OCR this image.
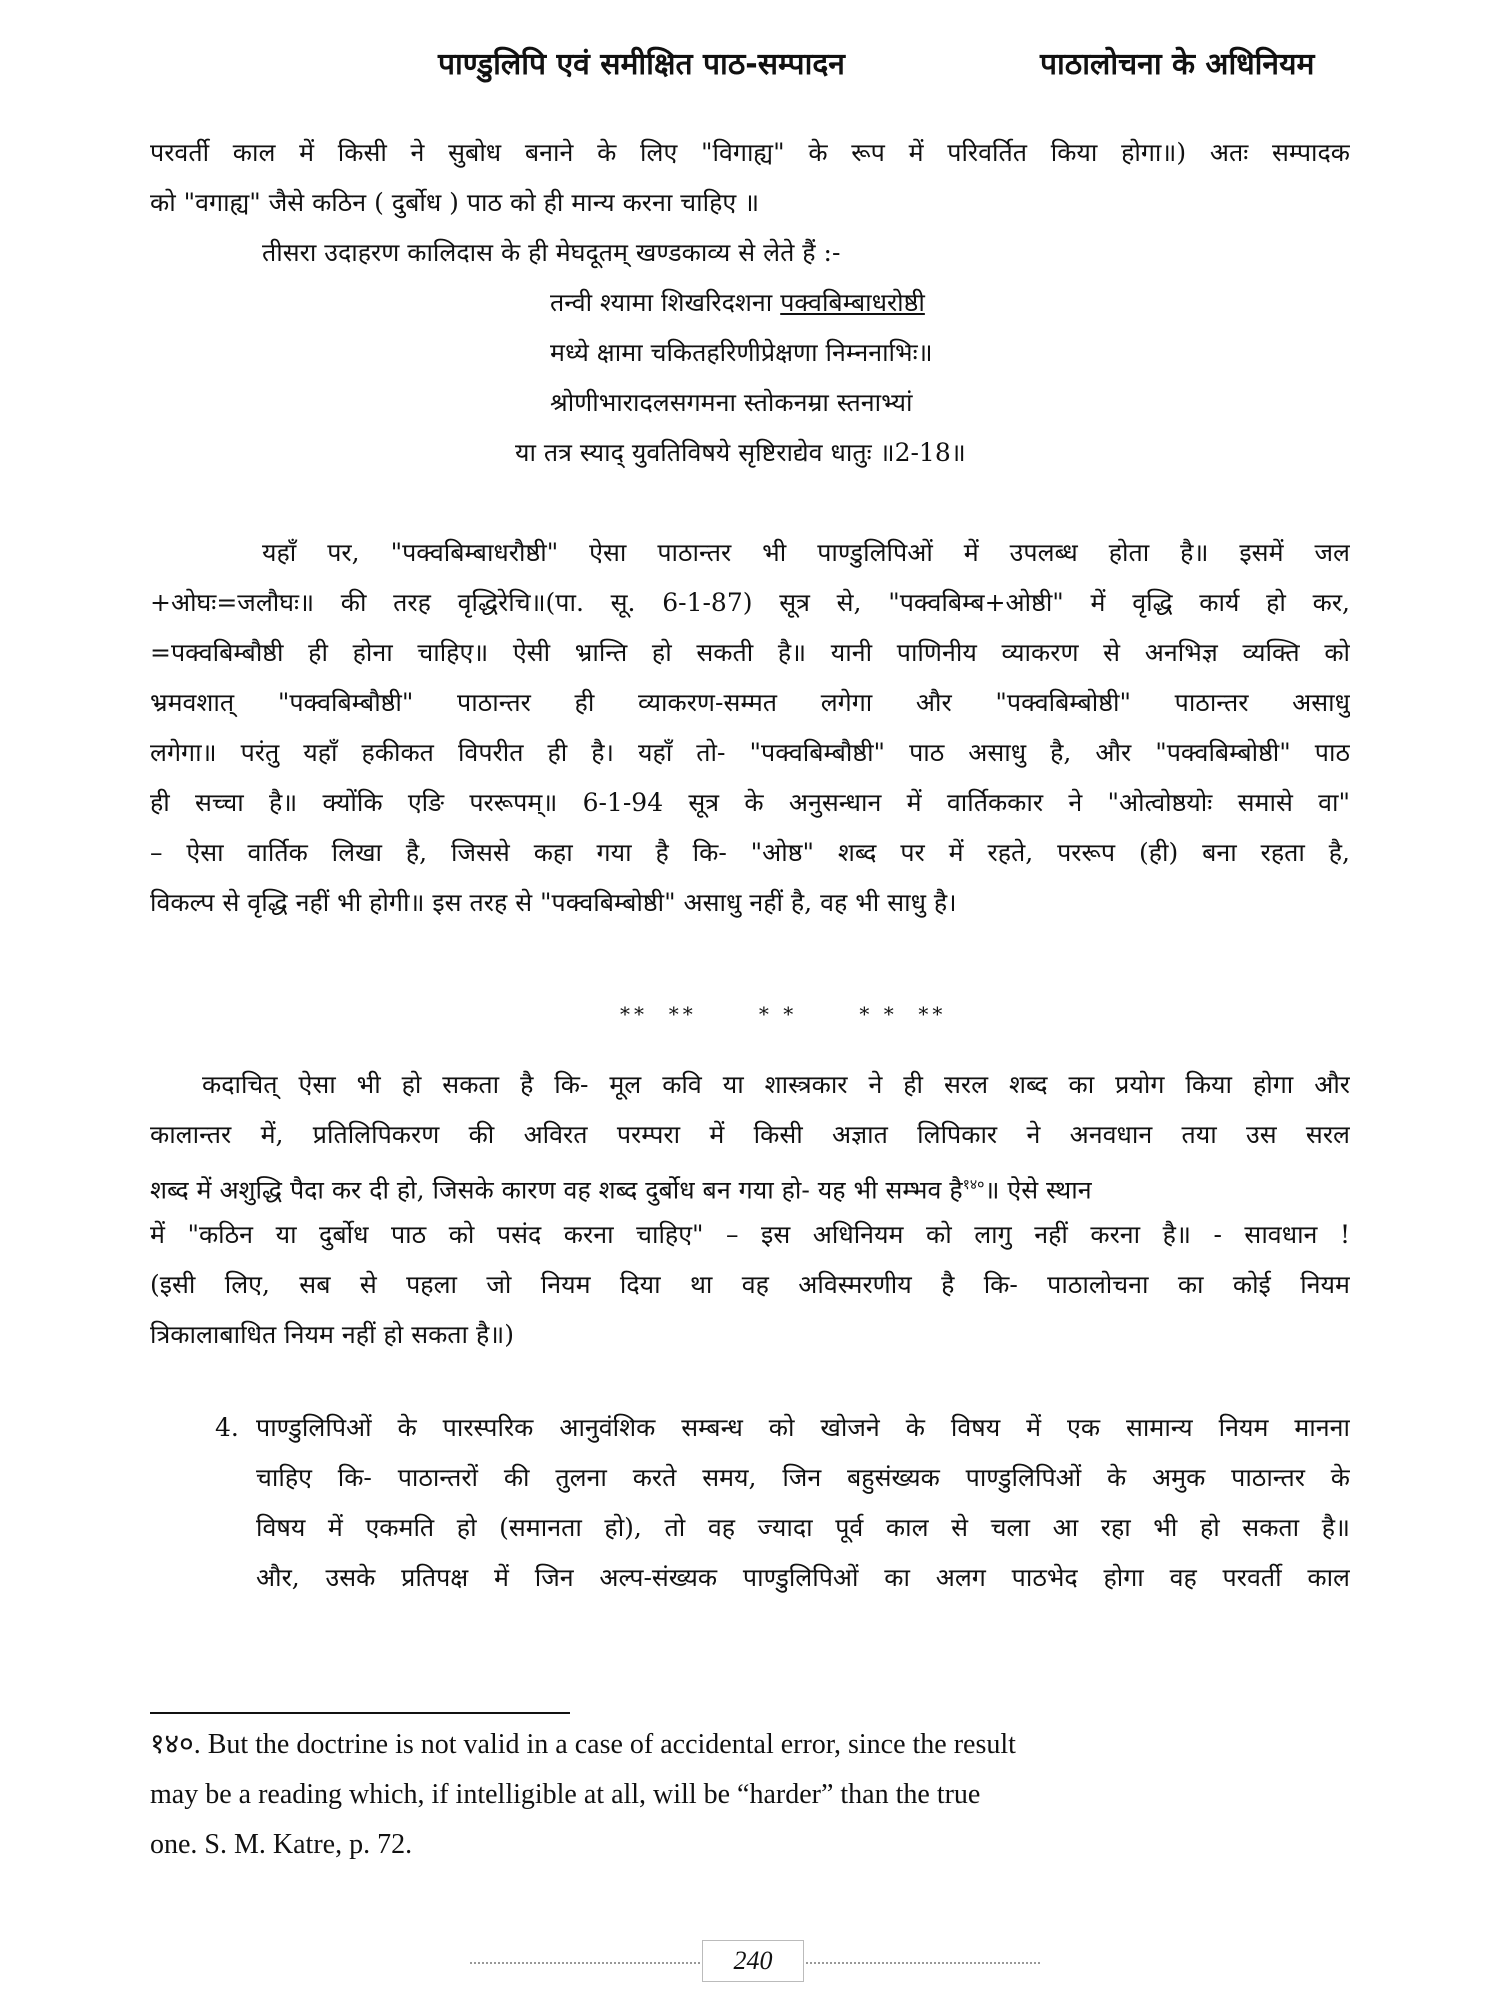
पाण्डुलिपि एवं समीक्षित पाठ-सम्पादन	पाठालोचना के अधिनियम
परवर्ती काल में किसी ने सुबोध बनाने के लिए "विगाह्य" के रूप में परिवर्तित किया होगा॥) अतः सम्पादक
को "वगाह्य" जैसे कठिन ( दुर्बोध ) पाठ को ही मान्य करना चाहिए ॥
तीसरा उदाहरण कालिदास के ही मेघदूतम् खण्डकाव्य से लेते हैं :-
तन्वी श्यामा शिखरिदशना पक्वबिम्बाधरोष्ठी
मध्ये क्षामा चकितहरिणीप्रेक्षणा निम्ननाभिः॥
श्रोणीभारादलसगमना स्तोकनम्रा स्तनाभ्यां
या तत्र स्याद् युवतिविषये सृष्टिराद्येव धातुः ॥2-18॥
यहाँ पर, "पक्वबिम्बाधरौष्ठी" ऐसा पाठान्तर भी पाण्डुलिपिओं में उपलब्ध होता है॥ इसमें जल
+ओघः=जलौघः॥ की तरह वृद्धिरेचि॥(पा. सू. 6-1-87) सूत्र से, "पक्वबिम्ब+ओष्ठी" में वृद्धि कार्य हो कर,
=पक्वबिम्बौष्ठी ही होना चाहिए॥ ऐसी भ्रान्ति हो सकती है॥ यानी पाणिनीय व्याकरण से अनभिज्ञ व्यक्ति को
भ्रमवशात् "पक्वबिम्बौष्ठी" पाठान्तर ही व्याकरण-सम्मत लगेगा और "पक्वबिम्बोष्ठी" पाठान्तर असाधु
लगेगा॥ परंतु यहाँ हकीकत विपरीत ही है। यहाँ तो- "पक्वबिम्बौष्ठी" पाठ असाधु है, और "पक्वबिम्बोष्ठी" पाठ
ही सच्चा है॥ क्योंकि एङि पररूपम्॥ 6-1-94 सूत्र के अनुसन्धान में वार्तिककार ने "ओत्वोष्ठयोः समासे वा"
– ऐसा वार्तिक लिखा है, जिससे कहा गया है कि- "ओष्ठ" शब्द पर में रहते, पररूप (ही) बना रहता है,
विकल्प से वृद्धि नहीं भी होगी॥ इस तरह से "पक्वबिम्बोष्ठी" असाधु नहीं है, वह भी साधु है।
**  **      * *      * *  **
कदाचित् ऐसा भी हो सकता है कि- मूल कवि या शास्त्रकार ने ही सरल शब्द का प्रयोग किया होगा और
कालान्तर में, प्रतिलिपिकरण की अविरत परम्परा में किसी अज्ञात लिपिकार ने अनवधान तया उस सरल
शब्द में अशुद्धि पैदा कर दी हो, जिसके कारण वह शब्द दुर्बोध बन गया हो- यह भी सम्भव है$^{१४०}$॥ ऐसे स्थान
में "कठिन या दुर्बोध पाठ को पसंद करना चाहिए" – इस अधिनियम को लागु नहीं करना है॥ - सावधान !
(इसी लिए, सब से पहला जो नियम दिया था वह अविस्मरणीय है कि- पाठालोचना का कोई नियम
त्रिकालाबाधित नियम नहीं हो सकता है॥)
4. पाण्डुलिपिओं के पारस्परिक आनुवंशिक सम्बन्ध को खोजने के विषय में एक सामान्य नियम मानना
चाहिए कि- पाठान्तरों की तुलना करते समय, जिन बहुसंख्यक पाण्डुलिपिओं के अमुक पाठान्तर के
विषय में एकमति हो (समानता हो), तो वह ज्यादा पूर्व काल से चला आ रहा भी हो सकता है॥
और, उसके प्रतिपक्ष में जिन अल्प-संख्यक पाण्डुलिपिओं का अलग पाठभेद होगा वह परवर्ती काल
१४०. But the doctrine is not valid in a case of accidental error, since the result
may be a reading which, if intelligible at all, will be “harder” than the true
one. S. M. Katre, p. 72.
240
